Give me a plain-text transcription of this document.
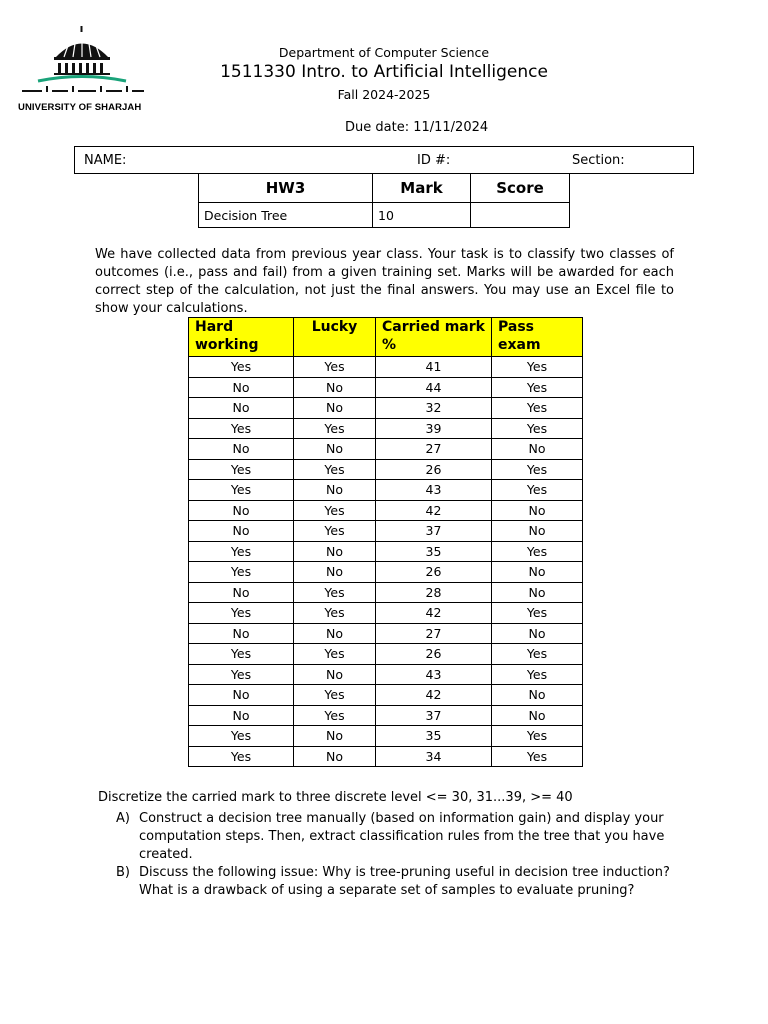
UNIVERSITY OF SHARJAH
Department of Computer Science
1511330 Intro. to Artificial Intelligence
Fall 2024-2025
Due date: 11/11/2024
NAME:	ID #:	Section:
HW3	Mark	Score
Decision Tree	10	
We have collected data from previous year class. Your task is to classify two classes of outcomes (i.e., pass and fail) from a given training set. Marks will be awarded for each correct step of the calculation, not just the final answers. You may use an Excel file to show your calculations.
Hard working	Lucky	Carried mark %	Pass exam
Yes	Yes	41	Yes
No	No	44	Yes
No	No	32	Yes
Yes	Yes	39	Yes
No	No	27	No
Yes	Yes	26	Yes
Yes	No	43	Yes
No	Yes	42	No
No	Yes	37	No
Yes	No	35	Yes
Yes	No	26	No
No	Yes	28	No
Yes	Yes	42	Yes
No	No	27	No
Yes	Yes	26	Yes
Yes	No	43	Yes
No	Yes	42	No
No	Yes	37	No
Yes	No	35	Yes
Yes	No	34	Yes
Discretize the carried mark to three discrete level <= 30, 31...39, >= 40
A) Construct a decision tree manually (based on information gain) and display your computation steps. Then, extract classification rules from the tree that you have created.
B) Discuss the following issue: Why is tree-pruning useful in decision tree induction? What is a drawback of using a separate set of samples to evaluate pruning?
